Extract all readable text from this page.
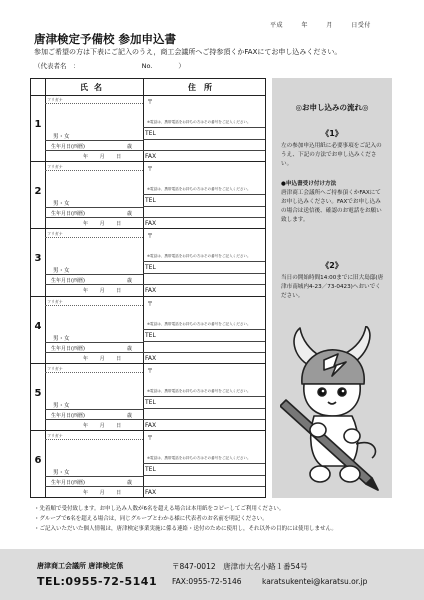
平成	年	月	日受付
唐津検定予備校 参加申込書
参加ご希望の方は下表にご記入のうえ，商工会議所へご持参頂くかFAXにてお申し込みください。
（代表者名　：	No.　　　　）
氏名	住所
1
フリガナ
男・女
生年月日(西暦)	歳
年 月 日
〒
※電話は、携帯電話をお持ちの方はその番号をご記入ください。
TEL
FAX
2
フリガナ
男・女
生年月日(西暦)	歳
年 月 日
〒
※電話は、携帯電話をお持ちの方はその番号をご記入ください。
TEL
FAX
3
フリガナ
男・女
生年月日(西暦)	歳
年 月 日
〒
※電話は、携帯電話をお持ちの方はその番号をご記入ください。
TEL
FAX
4
フリガナ
男・女
生年月日(西暦)	歳
年 月 日
〒
※電話は、携帯電話をお持ちの方はその番号をご記入ください。
TEL
FAX
5
フリガナ
男・女
生年月日(西暦)	歳
年 月 日
〒
※電話は、携帯電話をお持ちの方はその番号をご記入ください。
TEL
FAX
6
フリガナ
男・女
生年月日(西暦)	歳
年 月 日
〒
※電話は、携帯電話をお持ちの方はその番号をご記入ください。
TEL
FAX
◎お申し込みの流れ◎
《1》
左の参加申込用紙に必要事項をご記入のうえ、下記の方法でお申し込みください。
●申込書受け付け方法
唐津商工会議所へご持参頂くかFAXにてお申し込みください。FAXでお申し込みの場合は送信後、確認のお電話をお願い致します。
《2》
当日の開始時間14:00までに旧大島邸(唐津市南城内4-23／73-0423)へおいでください。
・先着順で受付致します。お申し込み人数が6名を超える場合は本用紙をコピーしてご利用ください。
・グループで6名を超える場合は，同じグループとわかる様に代表者のお名前を明記ください。
・ご記入いただいた個人情報は，唐津検定事業実施に係る連絡・送付のために使用し，それ以外の目的には使用しません。
唐津商工会議所 唐津検定係
TEL:0955-72-5141
〒847-0012　唐津市大名小路１番54号
FAX:0955-72-5146	karatsukentei@karatsu.or.jp
